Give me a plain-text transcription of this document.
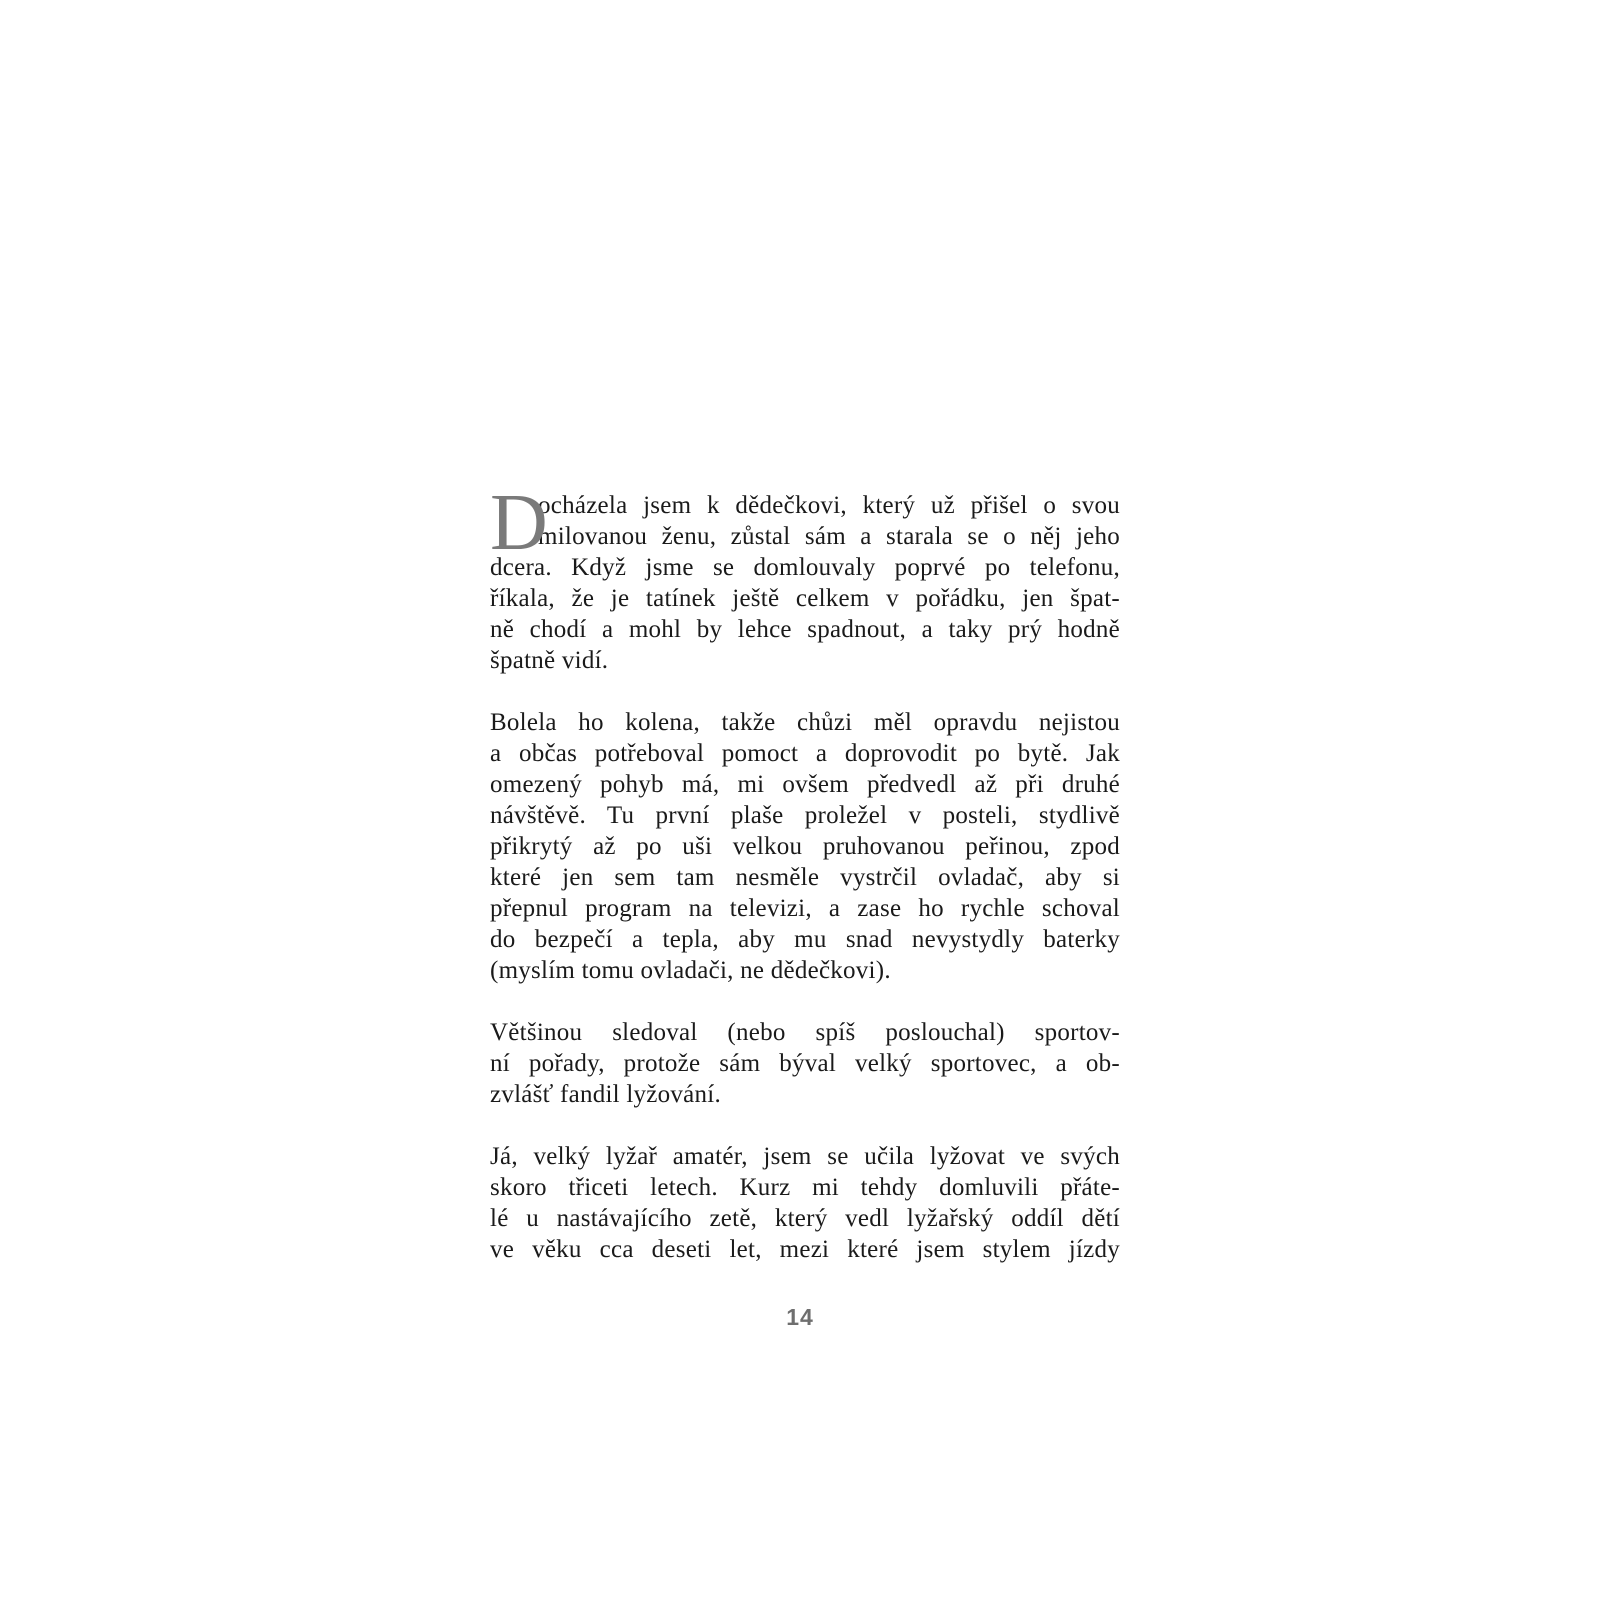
D
ocházela jsem k dědečkovi, který už přišel o svou
milovanou ženu, zůstal sám a starala se o něj jeho
dcera. Když jsme se domlouvaly poprvé po telefonu,
říkala, že je tatínek ještě celkem v pořádku, jen špat-
ně chodí a mohl by lehce spadnout, a taky prý hodně
špatně vidí.
Bolela ho kolena, takže chůzi měl opravdu nejistou
a občas potřeboval pomoct a doprovodit po bytě. Jak
omezený pohyb má, mi ovšem předvedl až při druhé
návštěvě. Tu první plaše proležel v posteli, stydlivě
přikrytý až po uši velkou pruhovanou peřinou, zpod
které jen sem tam nesměle vystrčil ovladač, aby si
přepnul program na televizi, a zase ho rychle schoval
do bezpečí a tepla, aby mu snad nevystydly baterky
(myslím tomu ovladači, ne dědečkovi).
Většinou sledoval (nebo spíš poslouchal) sportov-
ní pořady, protože sám býval velký sportovec, a ob-
zvlášť fandil lyžování.
Já, velký lyžař amatér, jsem se učila lyžovat ve svých
skoro třiceti letech. Kurz mi tehdy domluvili přáte-
lé u nastávajícího zetě, který vedl lyžařský oddíl dětí
ve věku cca deseti let, mezi které jsem stylem jízdy
14
